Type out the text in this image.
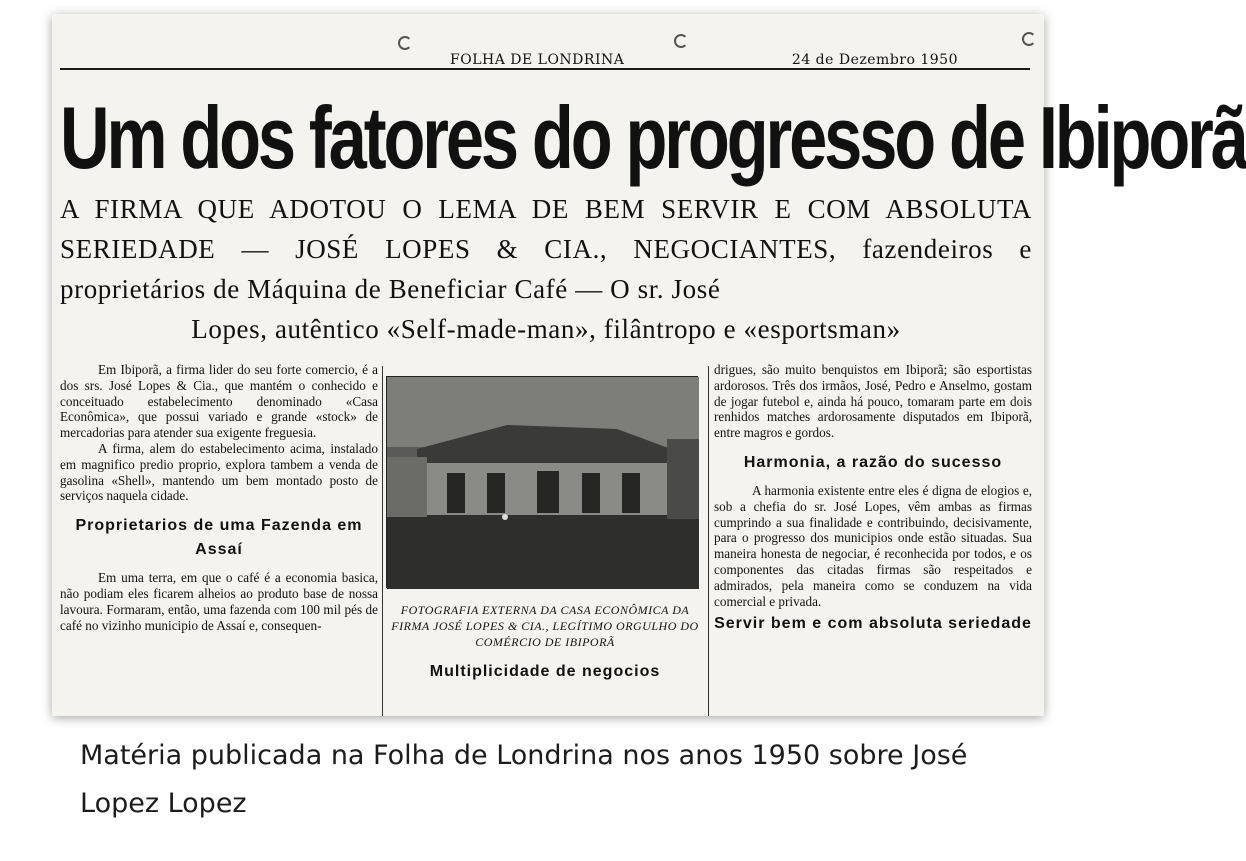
FOLHA DE LONDRINA	24 de Dezembro 1950
Um dos fatores do progresso de Ibiporã
A FIRMA QUE ADOTOU O LEMA DE BEM SERVIR E COM ABSOLUTA SERIEDADE — JOSÉ LOPES & CIA., NEGOCIANTES, fazendeiros e proprietários de Máquina de Beneficiar Café — O sr. José
Lopes, autêntico «Self-made-man», filântropo e «esportsman»

Em Ibiporã, a firma lider do seu forte comercio, é a dos srs. José Lopes & Cia., que mantém o conhecido e conceituado estabelecimento denominado «Casa Econômica», que possui variado e grande «stock» de mercadorias para atender sua exigente freguesia.

A firma, alem do estabelecimento acima, instalado em magnifico predio proprio, explora tambem a venda de gasolina «Shell», mantendo um bem montado posto de serviços naquela cidade.

Proprietarios de uma Fazenda em Assaí

Em uma terra, em que o café é a economia basica, não podiam eles ficarem alheios ao produto base de nossa lavoura. Formaram, então, uma fazenda com 100 mil pés de café no vizinho municipio de Assaí e, consequen-

FOTOGRAFIA EXTERNA DA CASA ECONÔMICA DA FIRMA JOSÉ LOPES & CIA., LEGÍTIMO ORGULHO DO COMÉRCIO DE IBIPORÃ
Multiplicidade de negocios

drigues, são muito benquistos em Ibiporã; são esportistas ardorosos. Três dos irmãos, José, Pedro e Anselmo, gostam de jogar futebol e, ainda há pouco, tomaram parte em dois renhidos matches ardorosamente disputados em Ibiporã, entre magros e gordos.

Harmonia, a razão do sucesso

A harmonia existente entre eles é digna de elogios e, sob a chefia do sr. José Lopes, vêm ambas as firmas cumprindo a sua finalidade e contribuindo, decisivamente, para o progresso dos municipios onde estão situadas. Sua maneira honesta de negociar, é reconhecida por todos, e os componentes das citadas firmas são respeitados e admirados, pela maneira como se conduzem na vida comercial e privada.

Servir bem e com absoluta seriedade
Matéria publicada na Folha de Londrina nos anos 1950 sobre José Lopez Lopez
